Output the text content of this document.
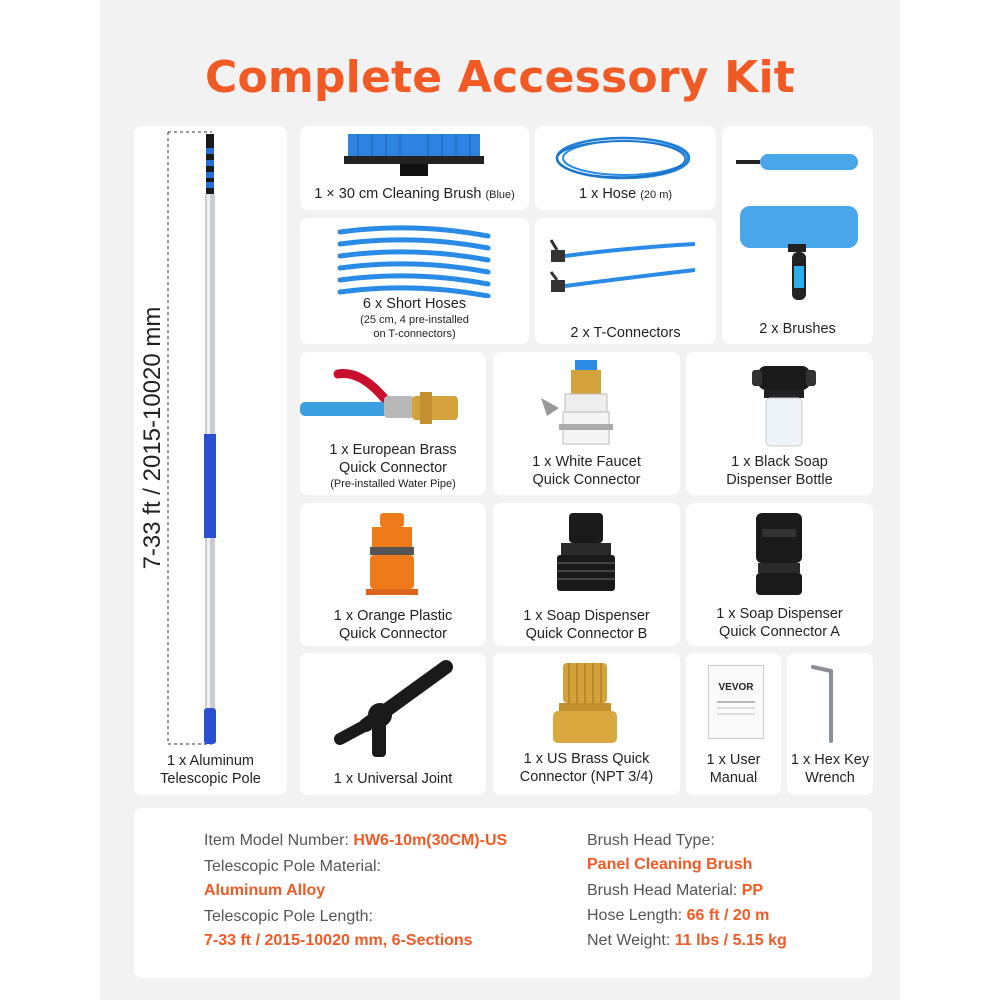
Complete Accessory Kit
7-33 ft / 2015-10020 mm
1 x Aluminum
Telescopic Pole
1 × 30 cm Cleaning Brush (Blue)	1 x Hose (20 m)
2 x Brushes
6 x Short Hoses
(25 cm, 4 pre-installed
on T-connectors)	2 x T-Connectors
1 x European Brass
Quick Connector
(Pre-installed Water Pipe)
1 x White Faucet
Quick Connector
1 x Black Soap
Dispenser Bottle
1 x Orange Plastic
Quick Connector
1 x Soap Dispenser
Quick Connector B
1 x Soap Dispenser
Quick Connector A
1 x Universal Joint
1 x US Brass Quick
Connector (NPT 3/4)
VEVOR
1 x User
Manual
1 x Hex Key
Wrench
Item Model Number: HW6-10m(30CM)-US
Telescopic Pole Material:
Aluminum Alloy
Telescopic Pole Length:
7-33 ft / 2015-10020 mm, 6-Sections
Brush Head Type:
Panel Cleaning Brush
Brush Head Material: PP
Hose Length: 66 ft / 20 m
Net Weight: 11 lbs / 5.15 kg
